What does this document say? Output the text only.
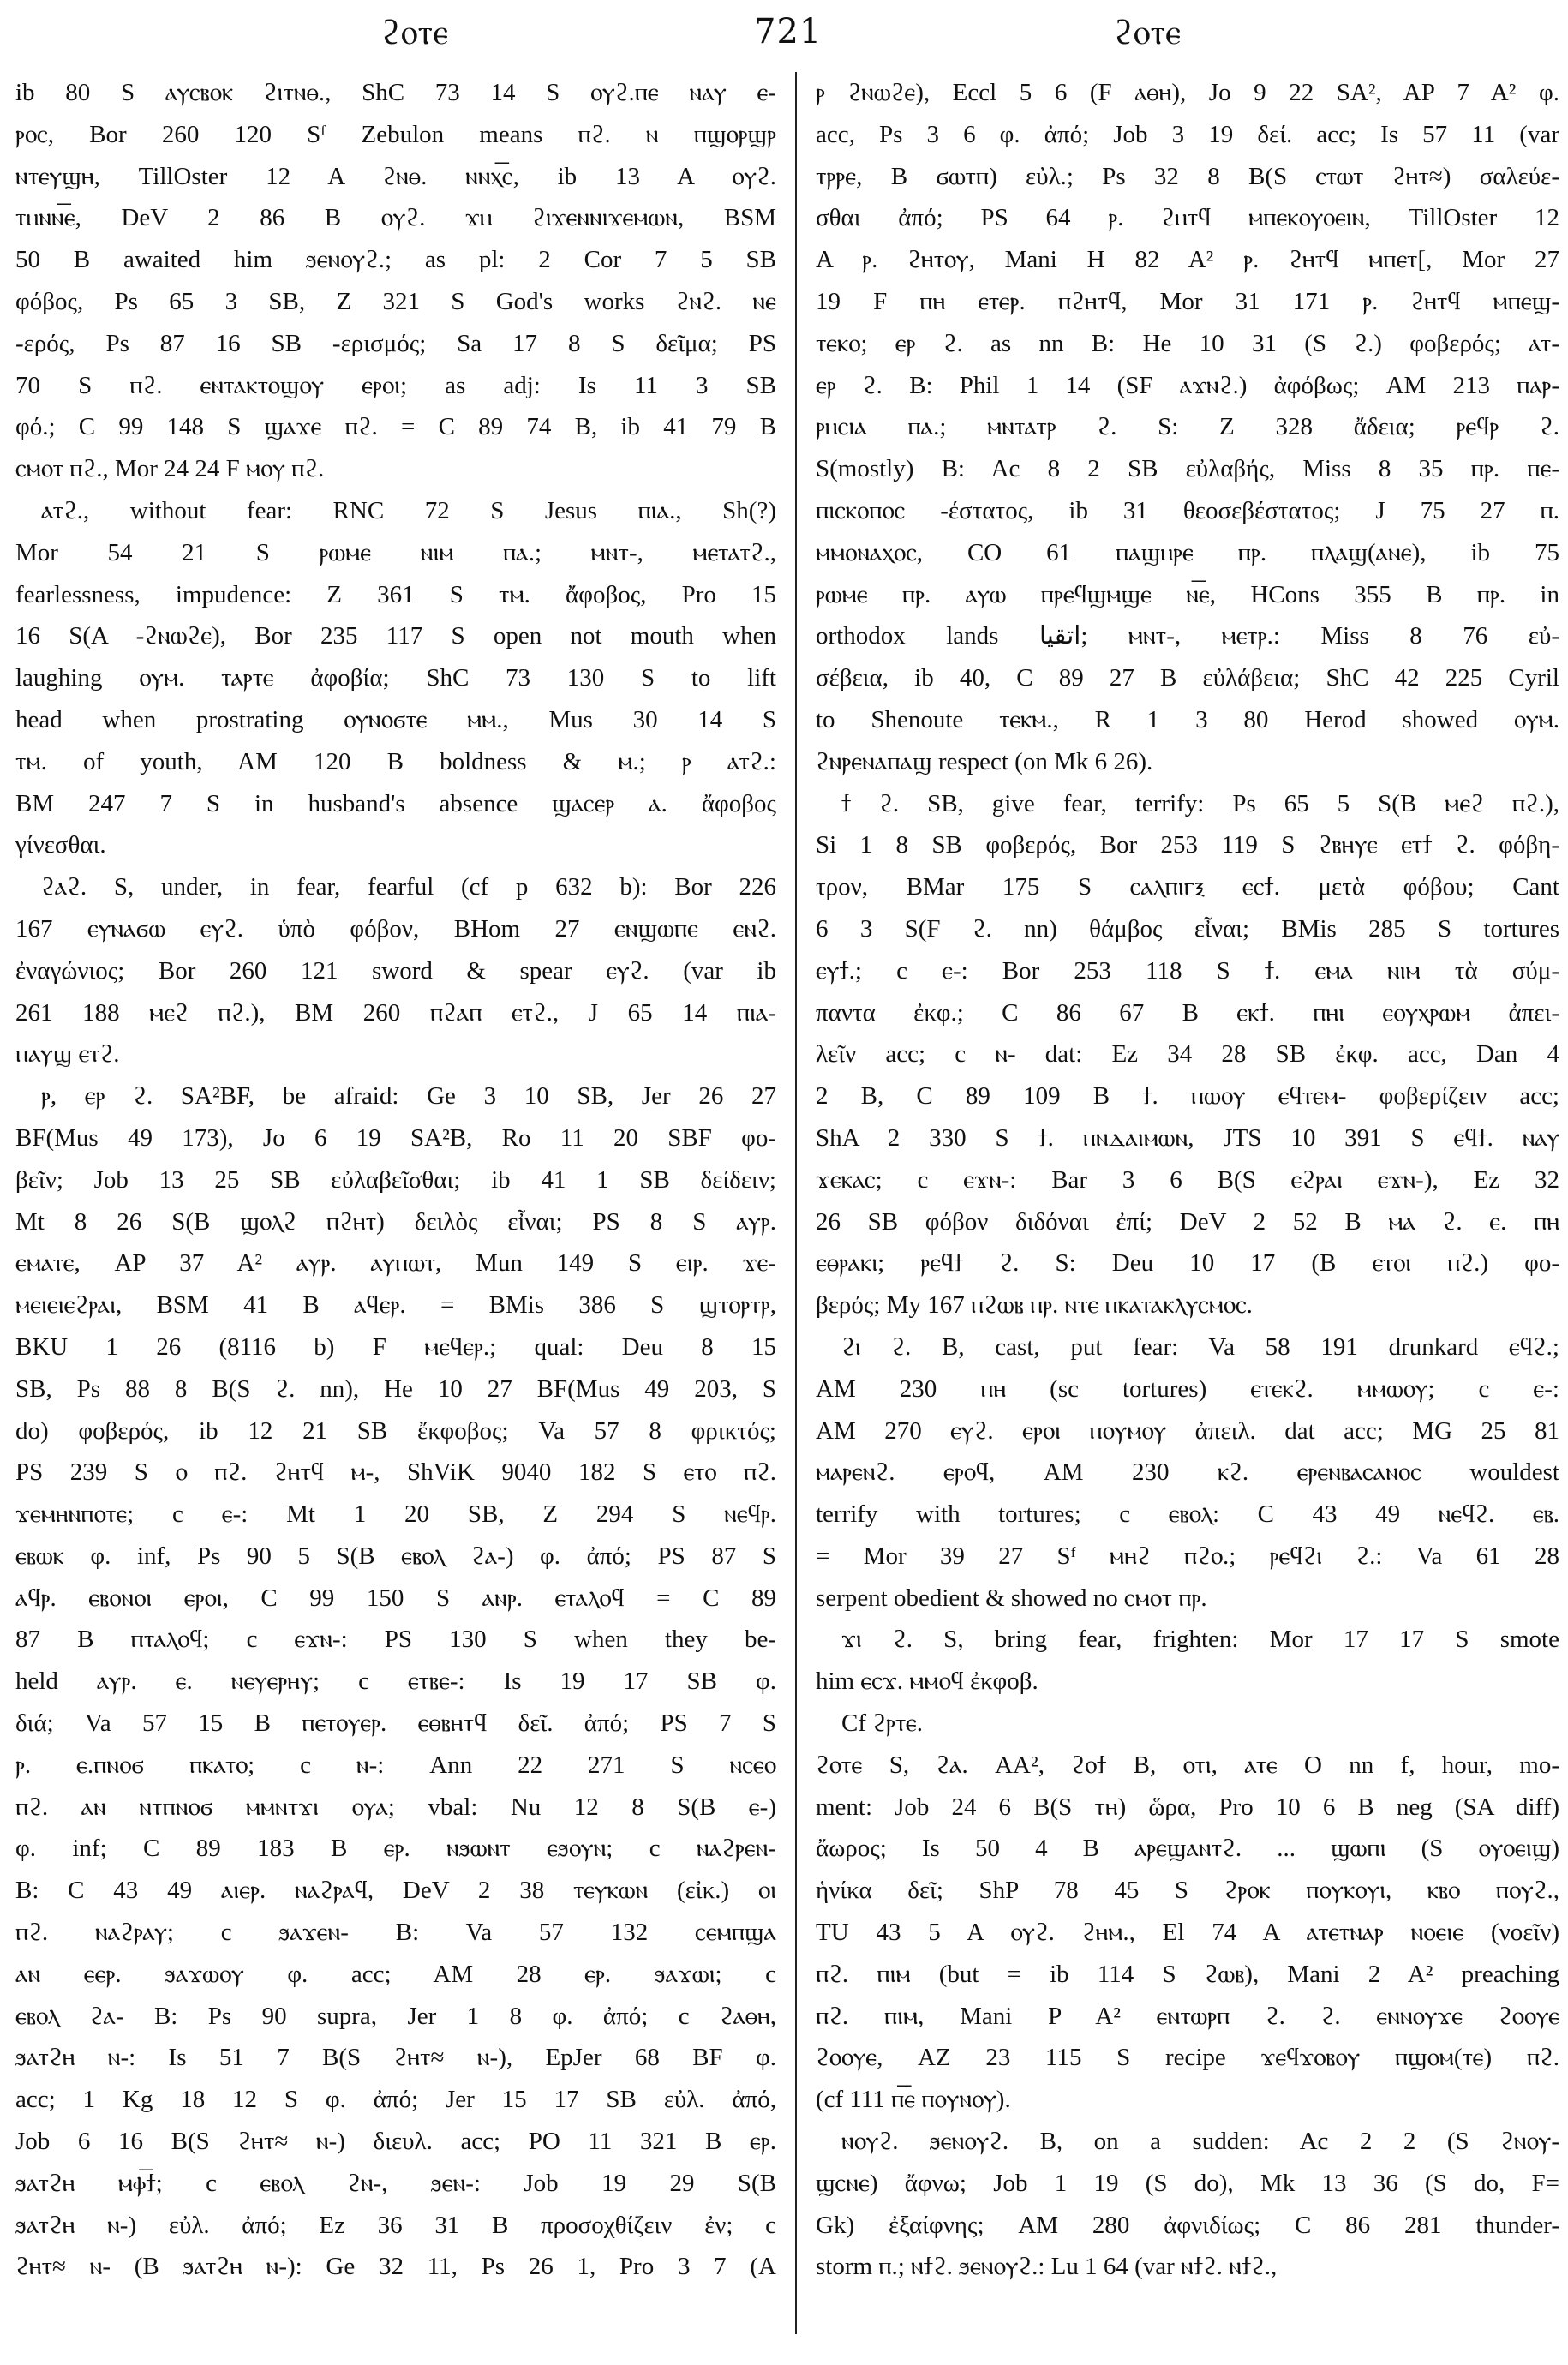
ϩⲟⲧⲉ	721	ϩⲟⲧⲉ
ib 80 S ⲁⲩⲥⲃⲟⲕ ϩⲓⲧⲛⲑ., ShC 73 14 S ⲟⲩϩ.ⲡⲉ ⲛⲁⲩ ⲉ-
ⲣⲟⲥ, Bor 260 120 Sᶠ Zebulon means ⲡϩ. ⲛ ⲡϣⲟⲣϣⲣ
ⲛⲧⲉⲩϣⲏ, TillOster 12 A ϩⲛⲑ. ⲛⲛⲭ͞ⲥ, ib 13 A ⲟⲩϩ.
ⲧⲏⲛⲛ͞ⲉ, DeV 2 86 B ⲟⲩϩ. ϫⲏ ϩⲓϫⲉⲛⲛⲓϫⲉⲙⲱⲛ, BSM
50 B awaited him ϧⲉⲛⲟⲩϩ.; as pl: 2 Cor 7 5 SB
φόβος, Ps 65 3 SB, Z 321 S God's works ϩⲛϩ. ⲛⲉ
-ερός, Ps 87 16 SB -ερισμός; Sa 17 8 S δεῖμα; PS
70 S ⲡϩ. ⲉⲛⲧⲁⲕⲧⲟϣⲟⲩ ⲉⲣⲟⲓ; as adj: Is 11 3 SB
φό.; C 99 148 S ϣⲁϫⲉ ⲡϩ. = C 89 74 B, ib 41 79 B
ⲥⲙⲟⲧ ⲡϩ., Mor 24 24 F ⲙⲟⲩ ⲡϩ.
ⲁⲧϩ., without fear: RNC 72 S Jesus ⲡⲓⲁ., Sh(?)
Mor 54 21 S ⲣⲱⲙⲉ ⲛⲓⲙ ⲡⲁ.; ⲙⲛⲧ-, ⲙⲉⲧⲁⲧϩ.,
fearlessness, impudence: Z 361 S ⲧⲙ. ἄφοβος, Pro 15
16 S(A -ϩⲛⲱϩⲉ), Bor 235 117 S open not mouth when
laughing ⲟⲩⲙ. ⲧⲁⲣⲧⲉ ἀφοβία; ShC 73 130 S to lift
head when prostrating ⲟⲩⲛⲟϭⲧⲉ ⲙⲙ., Mus 30 14 S
ⲧⲙ. of youth, AM 120 B boldness & ⲙ.; ⲣ ⲁⲧϩ.:
BM 247 7 S in husband's absence ϣⲁⲥⲉⲣ ⲁ. ἄφοβος
γίνεσθαι.
ϩⲁϩ. S, under, in fear, fearful (cf p 632 b): Bor 226
167 ⲉⲩⲛⲁϭⲱ ⲉⲩϩ. ὑπὸ φόβον, BHom 27 ⲉⲛϣⲱⲡⲉ ⲉⲛϩ.
ἐναγώνιος; Bor 260 121 sword & spear ⲉⲩϩ. (var ib
261 188 ⲙⲉϩ ⲡϩ.), BM 260 ⲡϩⲁⲡ ⲉⲧϩ., J 65 14 ⲡⲓⲁ-
ⲡⲁⲩϣ ⲉⲧϩ.
ⲣ, ⲉⲣ ϩ. SA²BF, be afraid: Ge 3 10 SB, Jer 26 27
BF(Mus 49 173), Jo 6 19 SA²B, Ro 11 20 SBF φο-
βεῖν; Job 13 25 SB εὐλαβεῖσθαι; ib 41 1 SB δείδειν;
Mt 8 26 S(B ϣⲟⲗϩ ⲡϩⲏⲧ) δειλὸς εἶναι; PS 8 S ⲁⲩⲣ.
ⲉⲙⲁⲧⲉ, AP 37 A² ⲁⲩⲣ. ⲁⲩⲡⲱⲧ, Mun 149 S ⲉⲓⲣ. ϫⲉ-
ⲙⲉⲓⲉⲓⲉϩⲣⲁⲓ, BSM 41 B ⲁϥⲉⲣ. = BMis 386 S ϣⲧⲟⲣⲧⲣ,
BKU 1 26 (8116 b) F ⲙⲉϥⲉⲣ.; qual: Deu 8 15
SB, Ps 88 8 B(S ϩ. nn), He 10 27 BF(Mus 49 203, S
do) φοβερός, ib 12 21 SB ἔκφοβος; Va 57 8 φρικτός;
PS 239 S ⲟ ⲡϩ. ϩⲏⲧϥ ⲙ-, ShViK 9040 182 S ⲉⲧⲟ ⲡϩ.
ϫⲉⲙⲏⲛⲡⲟⲧⲉ; c ⲉ-: Mt 1 20 SB, Z 294 S ⲛⲉϥⲣ.
ⲉⲃⲱⲕ φ. inf, Ps 90 5 S(B ⲉⲃⲟⲗ ϩⲁ-) φ. ἀπό; PS 87 S
ⲁϥⲣ. ⲉⲃⲟⲛⲟⲓ ⲉⲣⲟⲓ, C 99 150 S ⲁⲛⲣ. ⲉⲧⲁⲗⲟϥ = C 89
87 B ⲡⲧⲁⲗⲟϥ; c ⲉϫⲛ-: PS 130 S when they be-
held ⲁⲩⲣ. ⲉ. ⲛⲉⲩⲉⲣⲏⲩ; c ⲉⲧⲃⲉ-: Is 19 17 SB φ.
διά; Va 57 15 B ⲡⲉⲧⲟⲩⲉⲣ. ⲉⲑⲃⲏⲧϥ δεῖ. ἀπό; PS 7 S
ⲣ. ⲉ.ⲡⲛⲟϭ ⲡⲕⲁⲧⲟ; c ⲛ-: Ann 22 271 S ⲛⲥⲉⲟ
ⲡϩ. ⲁⲛ ⲛⲧⲡⲛⲟϭ ⲙⲙⲛⲧϫⲓ ⲟⲩⲁ; vbal: Nu 12 8 S(B ⲉ-)
φ. inf; C 89 183 B ⲉⲣ. ⲛϧⲱⲛⲧ ⲉϧⲟⲩⲛ; c ⲛⲁϩⲣⲉⲛ-
B: C 43 49 ⲁⲓⲉⲣ. ⲛⲁϩⲣⲁϥ, DeV 2 38 ⲧⲉⲩⲕⲱⲛ (εἰκ.) ⲟⲓ
ⲡϩ. ⲛⲁϩⲣⲁⲩ; c ϧⲁϫⲉⲛ- B: Va 57 132 ⲥⲉⲙⲡϣⲁ
ⲁⲛ ⲉⲉⲣ. ϧⲁϫⲱⲟⲩ φ. acc; AM 28 ⲉⲣ. ϧⲁϫⲱⲓ; c
ⲉⲃⲟⲗ ϩⲁ- B: Ps 90 supra, Jer 1 8 φ. ἀπό; c ϩⲁⲑⲏ,
ϧⲁⲧϩⲏ ⲛ-: Is 51 7 B(S ϩⲏⲧ≈ ⲛ-), EpJer 68 BF φ.
acc; 1 Kg 18 12 S φ. ἀπό; Jer 15 17 SB εὐλ. ἀπό,
Job 6 16 B(S ϩⲏⲧ≈ ⲛ-) διευλ. acc; PO 11 321 B ⲉⲣ.
ϧⲁⲧϩⲏ ⲙⲫ͞ϯ; c ⲉⲃⲟⲗ ϩⲛ-, ϧⲉⲛ-: Job 19 29 S(B
ϧⲁⲧϩⲏ ⲛ-) εὐλ. ἀπό; Ez 36 31 B προσοχθίζειν ἐν; c
ϩⲏⲧ≈ ⲛ- (B ϧⲁⲧϩⲏ ⲛ-): Ge 32 11, Ps 26 1, Pro 3 7 (A
ⲣ ϩⲛⲱϩⲉ), Eccl 5 6 (F ⲁⲑⲏ), Jo 9 22 SA², AP 7 A² φ.
acc, Ps 3 6 φ. ἀπό; Job 3 19 δεί. acc; Is 57 11 (var
ⲧⲣⲣⲉ, B ϭⲱⲧⲡ) εὐλ.; Ps 32 8 B(S ⲥⲧⲱⲧ ϩⲏⲧ≈) σαλεύε-
σθαι ἀπό; PS 64 ⲣ. ϩⲏⲧϥ ⲙⲡⲉⲕⲟⲩⲟⲉⲓⲛ, TillOster 12
A ⲣ. ϩⲏⲧⲟⲩ, Mani H 82 A² ⲣ. ϩⲏⲧϥ ⲙⲡⲉⲧ[, Mor 27
19 F ⲡⲏ ⲉⲧⲉⲣ. ⲡϩⲏⲧϥ, Mor 31 171 ⲣ. ϩⲏⲧϥ ⲙⲡⲉϣ-
ⲧⲉⲕⲟ; ⲉⲣ ϩ. as nn B: He 10 31 (S ϩ.) φοβερός; ⲁⲧ-
ⲉⲣ ϩ. B: Phil 1 14 (SF ⲁϫⲛϩ.) ἀφόβως; AM 213 ⲡⲁⲣ-
ⲣⲏⲥⲓⲁ ⲡⲁ.; ⲙⲛⲧⲁⲧⲣ ϩ. S: Z 328 ἄδεια; ⲣⲉϥⲣ ϩ.
S(mostly) B: Ac 8 2 SB εὐλαβής, Miss 8 35 ⲡⲣ. ⲡⲉ-
ⲡⲓⲥⲕⲟⲡⲟⲥ -έστατος, ib 31 θεοσεβέστατος; J 75 27 ⲡ.
ⲙⲙⲟⲛⲁⲭⲟⲥ, CO 61 ⲡⲁϣⲏⲣⲉ ⲡⲣ. ⲡⲗⲁϣ(ⲁⲛⲉ), ib 75
ⲣⲱⲙⲉ ⲡⲣ. ⲁⲩⲱ ⲡⲣⲉϥϣⲙϣⲉ ⲛ͞ⲉ, HCons 355 B ⲡⲣ. in
orthodox lands اتقيا; ⲙⲛⲧ-, ⲙⲉⲧⲣ.: Miss 8 76 εὐ-
σέβεια, ib 40, C 89 27 B εὐλάβεια; ShC 42 225 Cyril
to Shenoute ⲧⲉⲕⲙ., R 1 3 80 Herod showed ⲟⲩⲙ.
ϩⲛⲣⲉⲛⲁⲡⲁϣ respect (on Mk 6 26).
ϯ ϩ. SB, give fear, terrify: Ps 65 5 S(B ⲙⲉϩ ⲡϩ.),
Si 1 8 SB φοβερός, Bor 253 119 S ϩⲃⲏⲩⲉ ⲉⲧϯ ϩ. φόβη-
τρον, BMar 175 S ⲥⲁⲗⲡⲓⲅⲝ ⲉⲥϯ. μετὰ φόβου; Cant
6 3 S(F ϩ. nn) θάμβος εἶναι; BMis 285 S tortures
ⲉⲩϯ.; c ⲉ-: Bor 253 118 S ϯ. ⲉⲙⲁ ⲛⲓⲙ τὰ σύμ-
παντα ἐκφ.; C 86 67 B ⲉⲕϯ. ⲡⲏⲓ ⲉⲟⲩⲭⲣⲱⲙ ἀπει-
λεῖν acc; c ⲛ- dat: Ez 34 28 SB ἐκφ. acc, Dan 4
2 B, C 89 109 B ϯ. ⲡⲱⲟⲩ ⲉϥⲧⲉⲙ- φοβερίζειν acc;
ShA 2 330 S ϯ. ⲡⲛⲇⲁⲓⲙⲱⲛ, JTS 10 391 S ⲉϥϯ. ⲛⲁⲩ
ϫⲉⲕⲁⲥ; c ⲉϫⲛ-: Bar 3 6 B(S ⲉϩⲣⲁⲓ ⲉϫⲛ-), Ez 32
26 SB φόβον διδόναι ἐπί; DeV 2 52 B ⲙⲁ ϩ. ⲉ. ⲡⲏ
ⲉⲑⲣⲁⲕⲓ; ⲣⲉϥϯ ϩ. S: Deu 10 17 (B ⲉⲧⲟⲓ ⲡϩ.) φο-
βερός; My 167 ⲡϩⲱⲃ ⲡⲣ. ⲛⲧⲉ ⲡⲕⲁⲧⲁⲕⲗⲩⲥⲙⲟⲥ.
ϩⲓ ϩ. B, cast, put fear: Va 58 191 drunkard ⲉϥϩ.;
AM 230 ⲡⲏ (sc tortures) ⲉⲧⲉⲕϩ. ⲙⲙⲱⲟⲩ; c ⲉ-:
AM 270 ⲉⲩϩ. ⲉⲣⲟⲓ ⲡⲟⲩⲙⲟⲩ ἀπειλ. dat acc; MG 25 81
ⲙⲁⲣⲉⲛϩ. ⲉⲣⲟϥ, AM 230 ⲕϩ. ⲉⲣⲉⲛⲃⲁⲥⲁⲛⲟⲥ wouldest
terrify with tortures; c ⲉⲃⲟⲗ: C 43 49 ⲛⲉϥϩ. ⲉⲃ.
= Mor 39 27 Sᶠ ⲙⲏϩ ⲡϩⲟ.; ⲣⲉϥϩⲓ ϩ.: Va 61 28
serpent obedient & showed no ⲥⲙⲟⲧ ⲡⲣ.
ϫⲓ ϩ. S, bring fear, frighten: Mor 17 17 S smote
him ⲉⲥϫ. ⲙⲙⲟϥ ἐκφοβ.
Cf ϩⲣⲧⲉ.
ϩⲟⲧⲉ S, ϩⲁ. AA², ϩⲟϯ B, ⲟⲧⲓ, ⲁⲧⲉ O nn f, hour, mo-
ment: Job 24 6 B(S ⲧⲏ) ὥρα, Pro 10 6 B neg (SA diff)
ἄωρος; Is 50 4 B ⲁⲣⲉϣⲁⲛⲧϩ. ... ϣⲱⲡⲓ (S ⲟⲩⲟⲉⲓϣ)
ἡνίκα δεῖ; ShP 78 45 S ϩⲣⲟⲕ ⲡⲟⲩⲕⲟⲩⲓ, ⲕⲃⲟ ⲡⲟⲩϩ.,
TU 43 5 A ⲟⲩϩ. ϩⲏⲙ., El 74 A ⲁⲧⲉⲧⲛⲁⲣ ⲛⲟⲉⲓⲉ (νοεῖν)
ⲡϩ. ⲡⲓⲙ (but = ib 114 S ϩⲱⲃ), Mani 2 A² preaching
ⲡϩ. ⲡⲓⲙ, Mani P A² ⲉⲛⲧⲱⲣⲡ ϩ. ϩ. ⲉⲛⲛⲟⲩϫⲉ ϩⲟⲟⲩⲉ
ϩⲟⲟⲩⲉ, AZ 23 115 S recipe ϫⲉϥϫⲟⲃⲟⲩ ⲡϣⲟⲙ(ⲧⲉ) ⲡϩ.
(cf 111 ⲡ͞ⲉ ⲡⲟⲩⲛⲟⲩ).
ⲛⲟⲩϩ. ϧⲉⲛⲟⲩϩ. B, on a sudden: Ac 2 2 (S ϩⲛⲟⲩ-
ϣⲥⲛⲉ) ἄφνω; Job 1 19 (S do), Mk 13 36 (S do, F=
Gk) ἐξαίφνης; AM 280 ἀφνιδίως; C 86 281 thunder-
storm ⲡ.; ⲛϯϩ. ϧⲉⲛⲟⲩϩ.: Lu 1 64 (var ⲛϯϩ. ⲛϯϩ.,
